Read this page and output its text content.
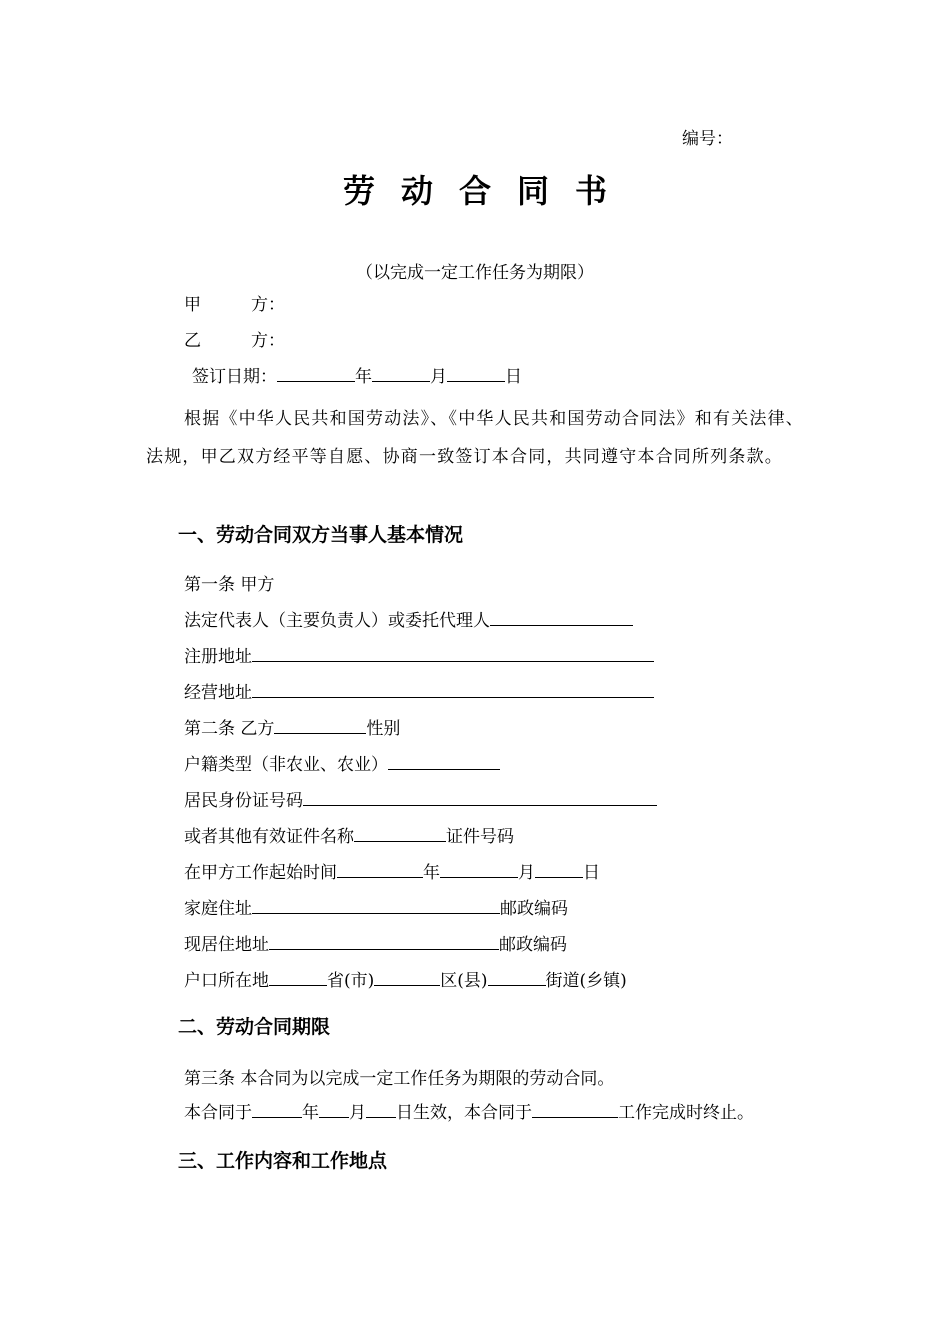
编号：
劳动合同书
（以完成一定工作任务为期限）
甲	方：
乙	方：
签订日期：	年	月	日
根据《中华人民共和国劳动法》、《中华人民共和国劳动合同法》和有关法律、法规，甲乙双方经平等自愿、协商一致签订本合同，共同遵守本合同所列条款。
一、劳动合同双方当事人基本情况
第一条 甲方
法定代表人（主要负责人）或委托代理人
注册地址
经营地址
第二条 乙方	性别
户籍类型（非农业、农业）
居民身份证号码
或者其他有效证件名称	证件号码
在甲方工作起始时间	年	月	日
家庭住址	邮政编码
现居住地址	邮政编码
户口所在地	省(市)	区(县)	街道(乡镇)
二、劳动合同期限
第三条 本合同为以完成一定工作任务为期限的劳动合同。
本合同于	年 月 日生效，本合同于	工作完成时终止。
三、工作内容和工作地点
